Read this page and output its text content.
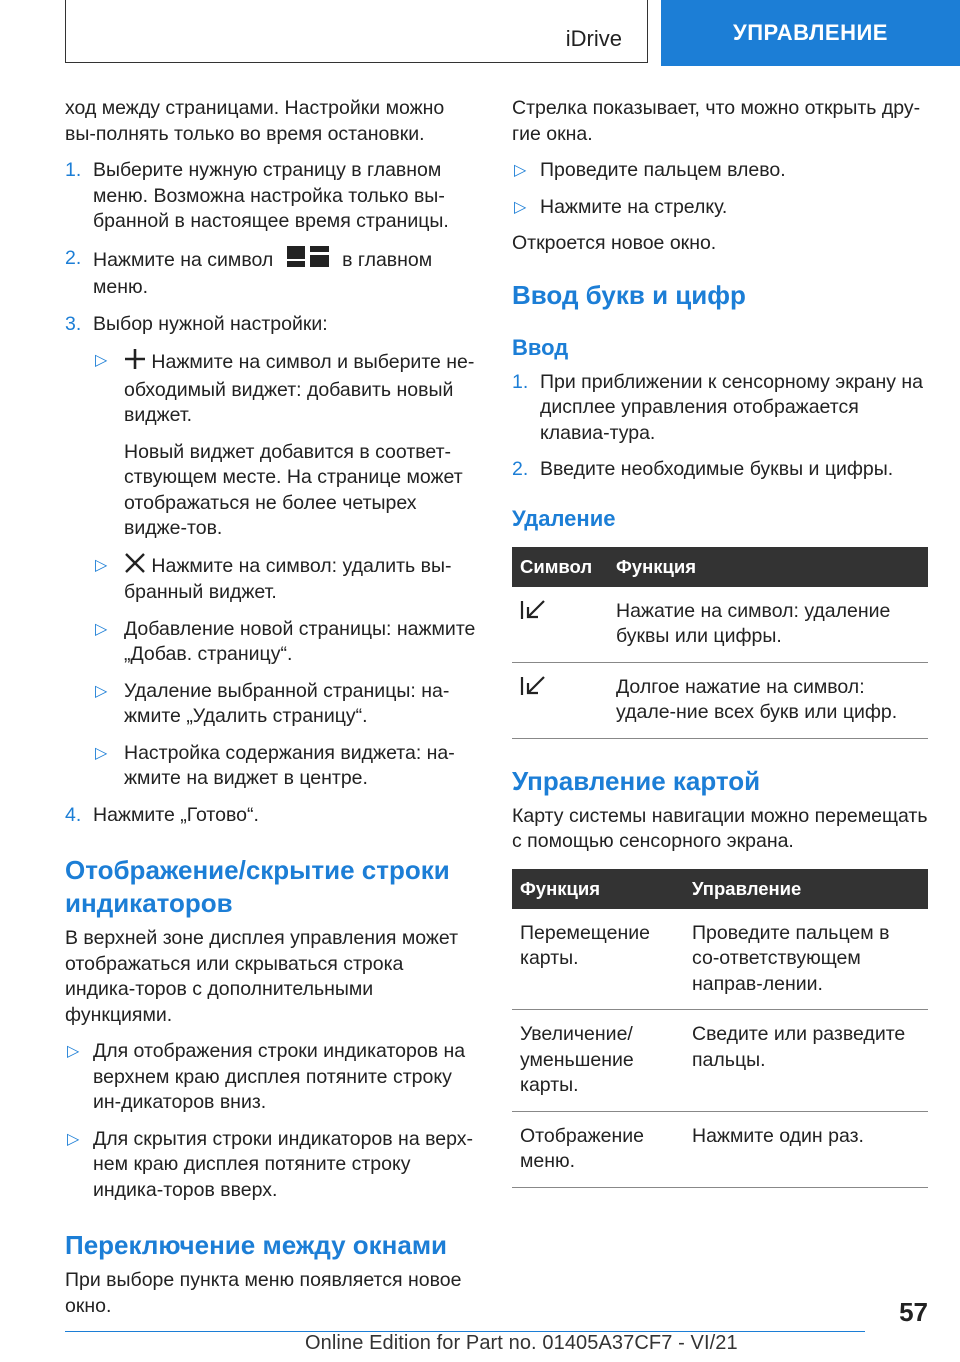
iDrive	УПРАВЛЕНИЕ

ход между страницами. Настройки можно вы-полнять только во время остановки.

1. Выберите нужную страницу в главном меню. Возможна настройка только вы-бранной в настоящее время страницы.
2. Нажмите на символ	в главном меню.
3. Выбор нужной настройки:
▷ Нажмите на символ и выберите не-обходимый виджет: добавить новый виджет.

Новый виджет добавится в соответ-ствующем месте. На странице может отображаться не более четырех видже-тов.

▷ Нажмите на символ: удалить вы-бранный виджет.
▷ Добавление новой страницы: нажмите „Добав. страницу“.
▷ Удаление выбранной страницы: на-жмите „Удалить страницу“.
▷ Настройка содержания виджета: на-жмите на виджет в центре.
4. Нажмите „Готово“.
Отображение/скрытие строки индикаторов

В верхней зоне дисплея управления может отображаться или скрываться строка индика-торов с дополнительными функциями.

▷ Для отображения строки индикаторов на верхнем краю дисплея потяните строку ин-дикаторов вниз.
▷ Для скрытия строки индикаторов на верх-нем краю дисплея потяните строку индика-торов вверх.
Переключение между окнами

При выборе пункта меню появляется новое окно.

Стрелка показывает, что можно открыть дру-гие окна.

▷ Проведите пальцем влево.
▷ Нажмите на стрелку.

Откроется новое окно.

Ввод букв и цифр
Ввод
1. При приближении к сенсорному экрану на дисплее управления отображается клавиа-тура.
2. Введите необходимые буквы и цифры.
Удаление
Символ	Функция
	Нажатие на символ: удаление буквы или цифры.
	Долгое нажатие на символ: удале-ние всех букв или цифр.
Управление картой

Карту системы навигации можно перемещать с помощью сенсорного экрана.

Функция	Управление
Перемещение карты.	Проведите пальцем в со-ответствующем направ-лении.
Увеличение/ уменьшение карты.	Сведите или разведите пальцы.
Отображение меню.	Нажмите один раз.
57
Online Edition for Part no. 01405A37CF7 - VI/21
